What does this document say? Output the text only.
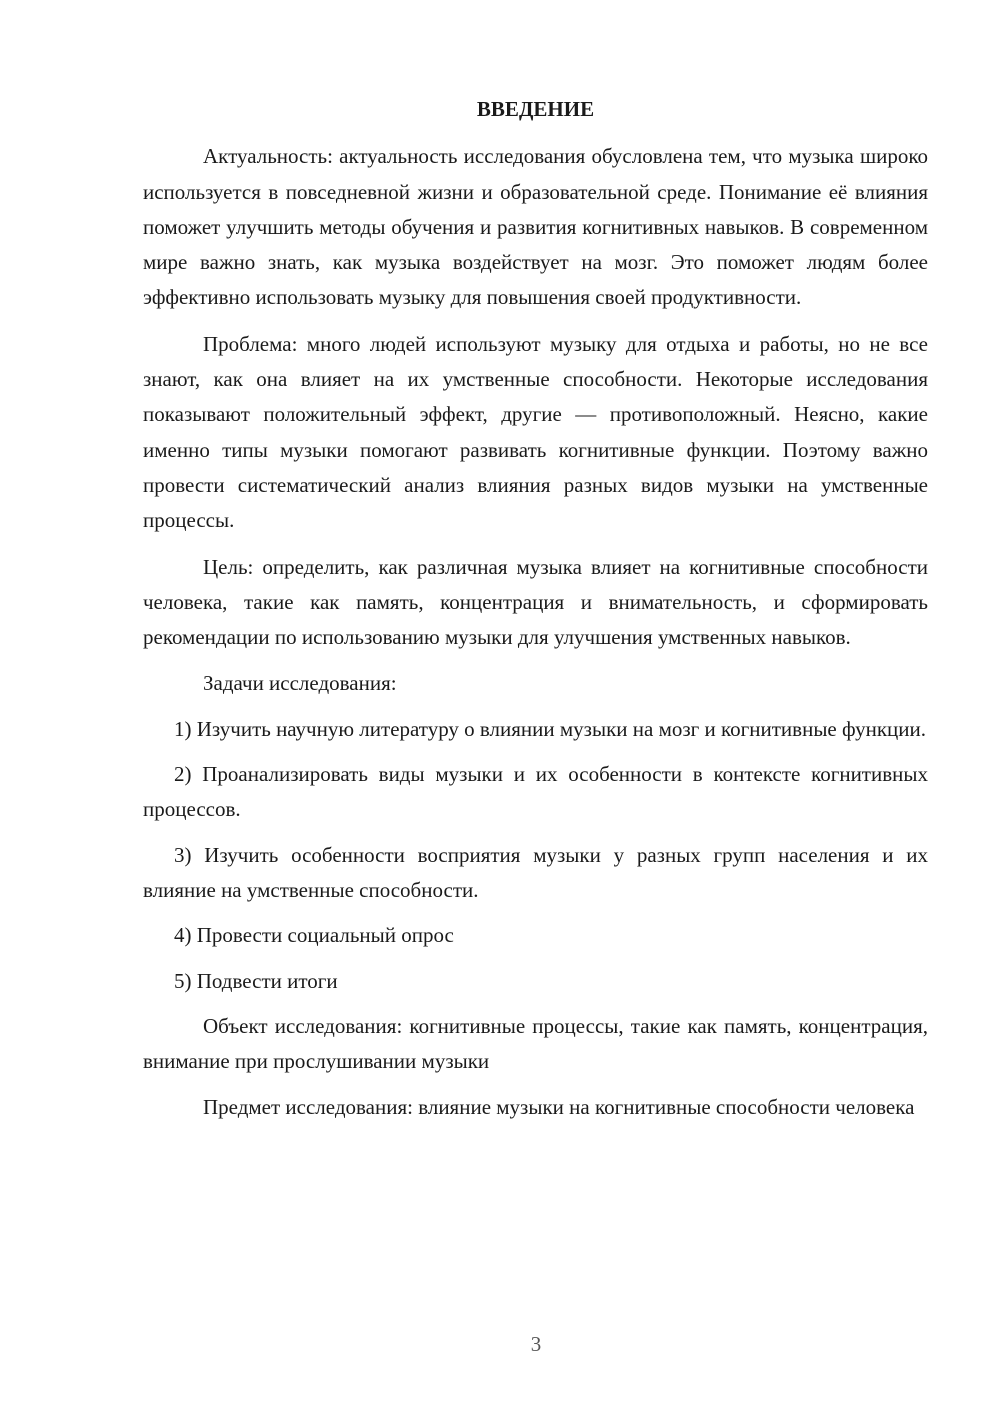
ВВЕДЕНИЕ

Актуальность: актуальность исследования обусловлена тем, что музыка широко используется в повседневной жизни и образовательной среде. Понимание её влияния поможет улучшить методы обучения и развития когнитивных навыков. В современном мире важно знать, как музыка воздействует на мозг. Это поможет людям более эффективно использовать музыку для повышения своей продуктивности.

Проблема: много людей используют музыку для отдыха и работы, но не все знают, как она влияет на их умственные способности. Некоторые исследования показывают положительный эффект, другие — противоположный. Неясно, какие именно типы музыки помогают развивать когнитивные функции. Поэтому важно провести систематический анализ влияния разных видов музыки на умственные процессы.

Цель: определить, как различная музыка влияет на когнитивные способности человека, такие как память, концентрация и внимательность, и сформировать рекомендации по использованию музыки для улучшения умственных навыков.

Задачи исследования:

1) Изучить научную литературу о влиянии музыки на мозг и когнитивные функции.

2) Проанализировать виды музыки и их особенности в контексте когнитивных процессов.

3) Изучить особенности восприятия музыки у разных групп населения и их влияние на умственные способности.

4) Провести социальный опрос

5) Подвести итоги

Объект исследования: когнитивные процессы, такие как память, концентрация, внимание при прослушивании музыки

Предмет исследования: влияние музыки на когнитивные способности человека

3
